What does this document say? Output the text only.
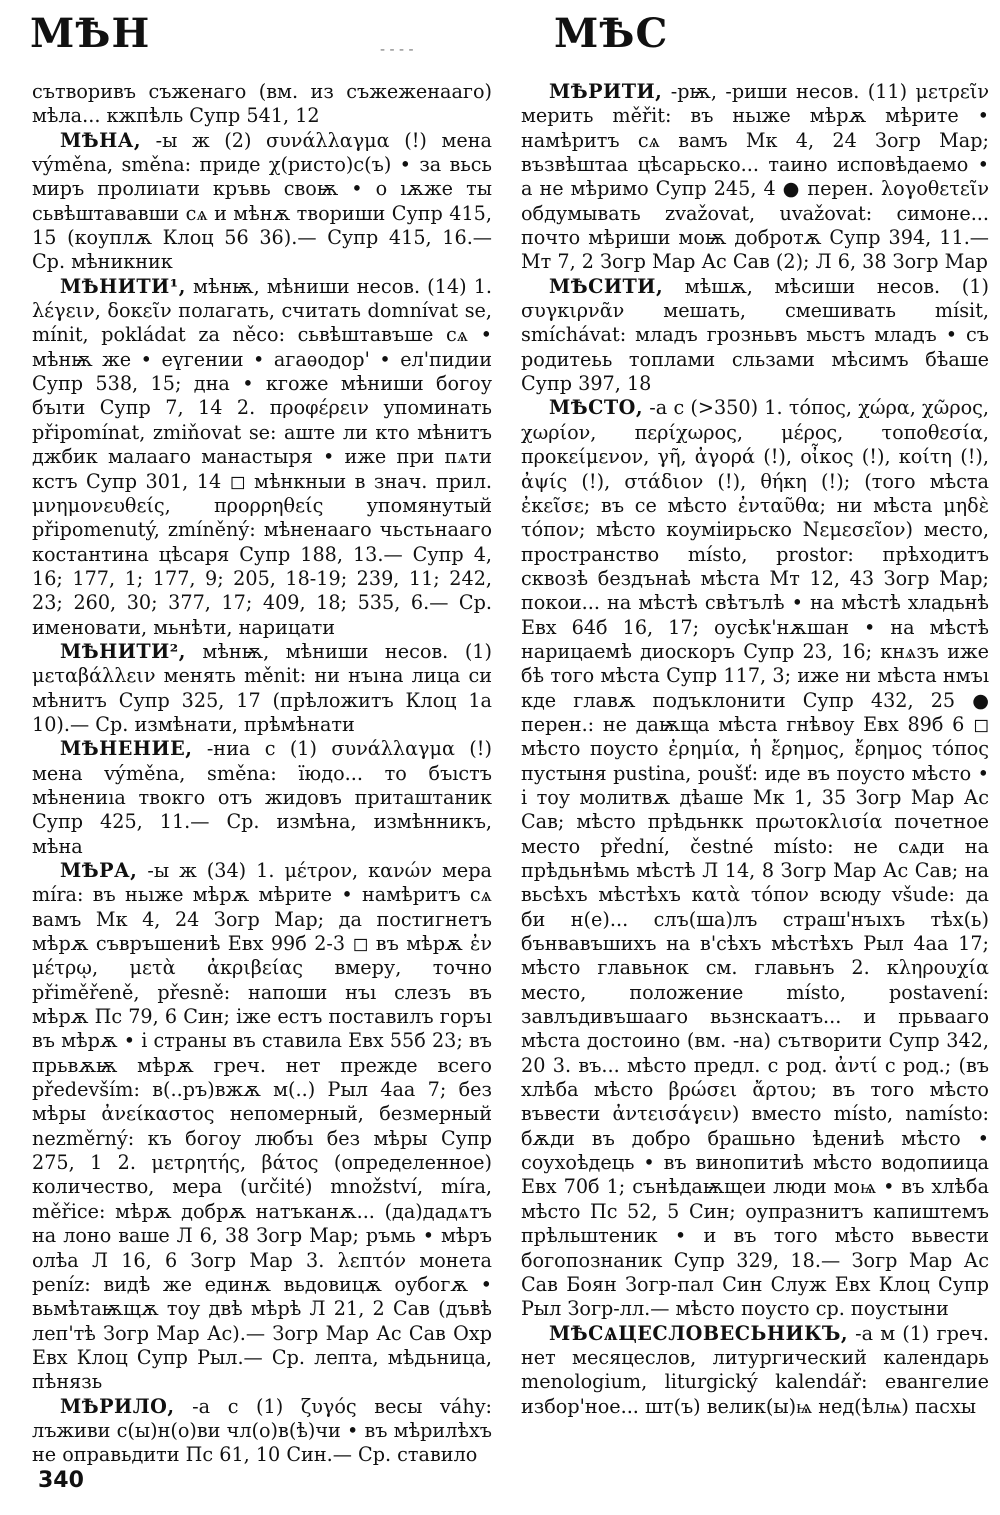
МѢН	- - - -	МѢС

сътворивъ съженаго (вм. из съжеженааго) мѣла... кжпѣль Супр 541, 12

МѢНА, -ы ж (2) συνάλλαγμα (!) мена výměna, směna: приде χ(ристо)с(ъ) • за вьсь миръ пролиıати кръвь своѭ • о ıѫже ты сьвѣштававши сѧ и мѣнѫ твориши Супр 415, 15 (коуплѫ Клоц 56 36).— Супр 415, 16.— Ср. мѣникник

МѢНИТИ¹, мѣнѭ, мѣниши несов. (14) 1. λέγειν, δοκεῖν полагать, считать domnívat se, mínit, pokládat za něco: сьвѣштавъше сѧ • мѣнѭ же • еүгении • агаѳодор' • ел'пидии Супр 538, 15; дна • кгоже мѣниши богоу бъıти Супр 7, 14 2. προφέρειν упоминать připomínat, zmiňovat se: аште ли кто мѣнитъ джбик малааго манастыря • иже при пѧти кстъ Супр 301, 14 ◻ мѣнкныи в знач. прил. μνημονευθείς, προρρηθείς упомянутый připomenutý, zmíněný: мѣненааго чьстьнааго костантина цѣсаря Супр 188, 13.— Супр 4, 16; 177, 1; 177, 9; 205, 18-19; 239, 11; 242, 23; 260, 30; 377, 17; 409, 18; 535, 6.— Ср. именовати, мьнѣти, нарицати

МѢНИТИ², мѣнѭ, мѣниши несов. (1) μεταβάλλειν менять měnit: ни нъıна лица си мѣнитъ Супр 325, 17 (прѣложитъ Клоц 1а 10).— Ср. измѣнати, прѣмѣнати

МѢНЕНИЕ, -ниа с (1) συνάλλαγμα (!) мена výměna, směna: їюдо... то бъıстъ мѣнениıа твокго отъ жидовъ приташтаник Супр 425, 11.— Ср. измѣна, измѣнникъ, мѣна

МѢРА, -ы ж (34) 1. μέτρον, κανών мера míra: въ ньıже мѣрѫ мѣрите • намѣритъ сѧ вамъ Мк 4, 24 Зогр Мар; да постигнетъ мѣрѫ съвръшениѣ Евх 99б 2-3 ◻ въ мѣрѫ ἐν μέτρῳ, μετὰ ἀκριβείας вмеру, точно přiměřeně, přesně: напоши нъı слезъ въ мѣрѫ Пс 79, 6 Син; іже естъ поставилъ горъı въ мѣрѫ • і страны въ ставила Евх 55б 23; въ прьвѫѭ мѣрѫ греч. нет прежде всего především: в(..ръ)вжѫ м(..) Рыл 4аа 7; без мѣры ἀνείκαστος непомерный, безмерный nezměrný: къ богоу любъı без мѣры Супр 275, 1 2. μετρητής, βάτος (определенное) количество, мера (určité) množství, míra, měřice: мѣрѫ добрѫ натъканѫ... (да)дадѧтъ на лоно ваше Л 6, 38 Зогр Мар; ръмь • мѣръ олѣа Л 16, 6 Зогр Мар 3. λεπτόν монета peníz: видѣ же единѫ вьдовицѫ оубогѫ • вьмѣтаѭщѫ тоу двѣ мѣрѣ Л 21, 2 Сав (дъвѣ леп'тѣ Зогр Мар Ас).— Зогр Мар Ас Сав Охр Евх Клоц Супр Рыл.— Ср. лепта, мѣдьница, пѣнязь

МѢРИЛО, -а с (1) ζυγός весы váhy: лъживи с(ы)н(о)ви чл(о)в(ѣ)чи • въ мѣрилѣхъ не оправьдити Пс 61, 10 Син.— Ср. ставило

МѢРИТИ, -рѭ, -риши несов. (11) μετρεῖν мерить měřit: въ ньıже мѣрѫ мѣрите • намѣритъ сѧ вамъ Мк 4, 24 Зогр Мар; възвѣштаа цѣсарьско... таино исповѣдаемо • а не мѣримо Супр 245, 4 ● перен. λογοθετεῖν обдумывать zvažovat, uvažovat: симоне... почто мѣриши моѭ добротѫ Супр 394, 11.— Мт 7, 2 Зогр Мар Ас Сав (2); Л 6, 38 Зогр Мар

МѢСИТИ, мѣшѫ, мѣсиши несов. (1) συγκιρνᾶν мешать, смешивать mísit, smíchávat: младъ грозньвъ мьстъ младъ • съ родитеьь топлами сльзами мѣсимъ бѣаше Супр 397, 18

МѢСТО, -а с (>350) 1. τόπος, χώρα, χῶρος, χωρίον, περίχωρος, μέρος, τοποθεσία, προκείμενον, γῆ, ἀγορά (!), οἶκος (!), κοίτη (!), ἀψίς (!), στάδιον (!), θήκη (!); (того мѣста ἐκεῖσε; въ се мѣсто ἐνταῦθα; ни мѣста μηδὲ τόπον; мѣсто коуміирьско Νεμεσεῖον) место, пространство místo, prostor: прѣходитъ сквозѣ бездънаѣ мѣста Мт 12, 43 Зогр Мар; покои... на мѣстѣ свѣтълѣ • на мѣстѣ хладьнѣ Евх 64б 16, 17; оусѣк'нѫшан • на мѣстѣ нарицаемѣ диоскоръ Супр 23, 16; кнѧзъ иже бѣ того мѣста Супр 117, 3; иже ни мѣста нмъı кде главѫ подъклонити Супр 432, 25 ● перен.: не даѭща мѣста гнѣвоу Евх 89б 6 ◻ мѣсто поусто ἐρημία, ἡ ἔρημος, ἔρημος τόπος пустыня pustina, poušť: иде въ поусто мѣсто • і тоу молитвѫ дѣаше Мк 1, 35 Зогр Мар Ас Сав; мѣсто прѣдьнкк πρωτοκλισία почетное место přední, čestné místo: не сѧди на прѣдьнѣмь мѣстѣ Л 14, 8 Зогр Мар Ас Сав; на вьсѣхъ мѣстѣхъ κατὰ τόπον всюду všude: да би н(е)... слъ(ша)лъ страш'нъıхъ тѣх(ь) бънвавъшихъ на в'сѣхъ мѣстѣхъ Рыл 4аа 17; мѣсто главьнок см. главьнъ 2. κληρουχία место, положение místo, postavení: завлъдивъшааго вьзнскаатъ... и прьвааго мѣста достоино (вм. -на) сътворити Супр 342, 20 3. въ... мѣсто предл. с род. ἀντί с род.; (въ хлѣба мѣсто βρώσει ἄρτου; въ того мѣсто въвести ἀντεισάγειν) вместо místo, namísto: бѫди въ добро брашьно ѣдениѣ мѣсто • соухоѣдець • въ винопитиѣ мѣсто водопиица Евх 70б 1; сънѣдаѭщеи люди моѩ • въ хлѣба мѣсто Пс 52, 5 Син; оупразнитъ капиштемъ прѣльштеник • и въ того мѣсто вьвести богопознаник Супр 329, 18.— Зогр Мар Ас Сав Боян Зогр-пал Син Служ Евх Клоц Супр Рыл Зогр-лл.— мѣсто поусто ср. поустыни

МѢСѦЦЕСЛОВЕСЬНИКЪ, -а м (1) греч. нет месяцеслов, литургический календарь menologium, liturgický kalendář: евангелие избор'ное... шт(ъ) велик(ы)ѩ нед(ѣлѩ) пасхы

340
